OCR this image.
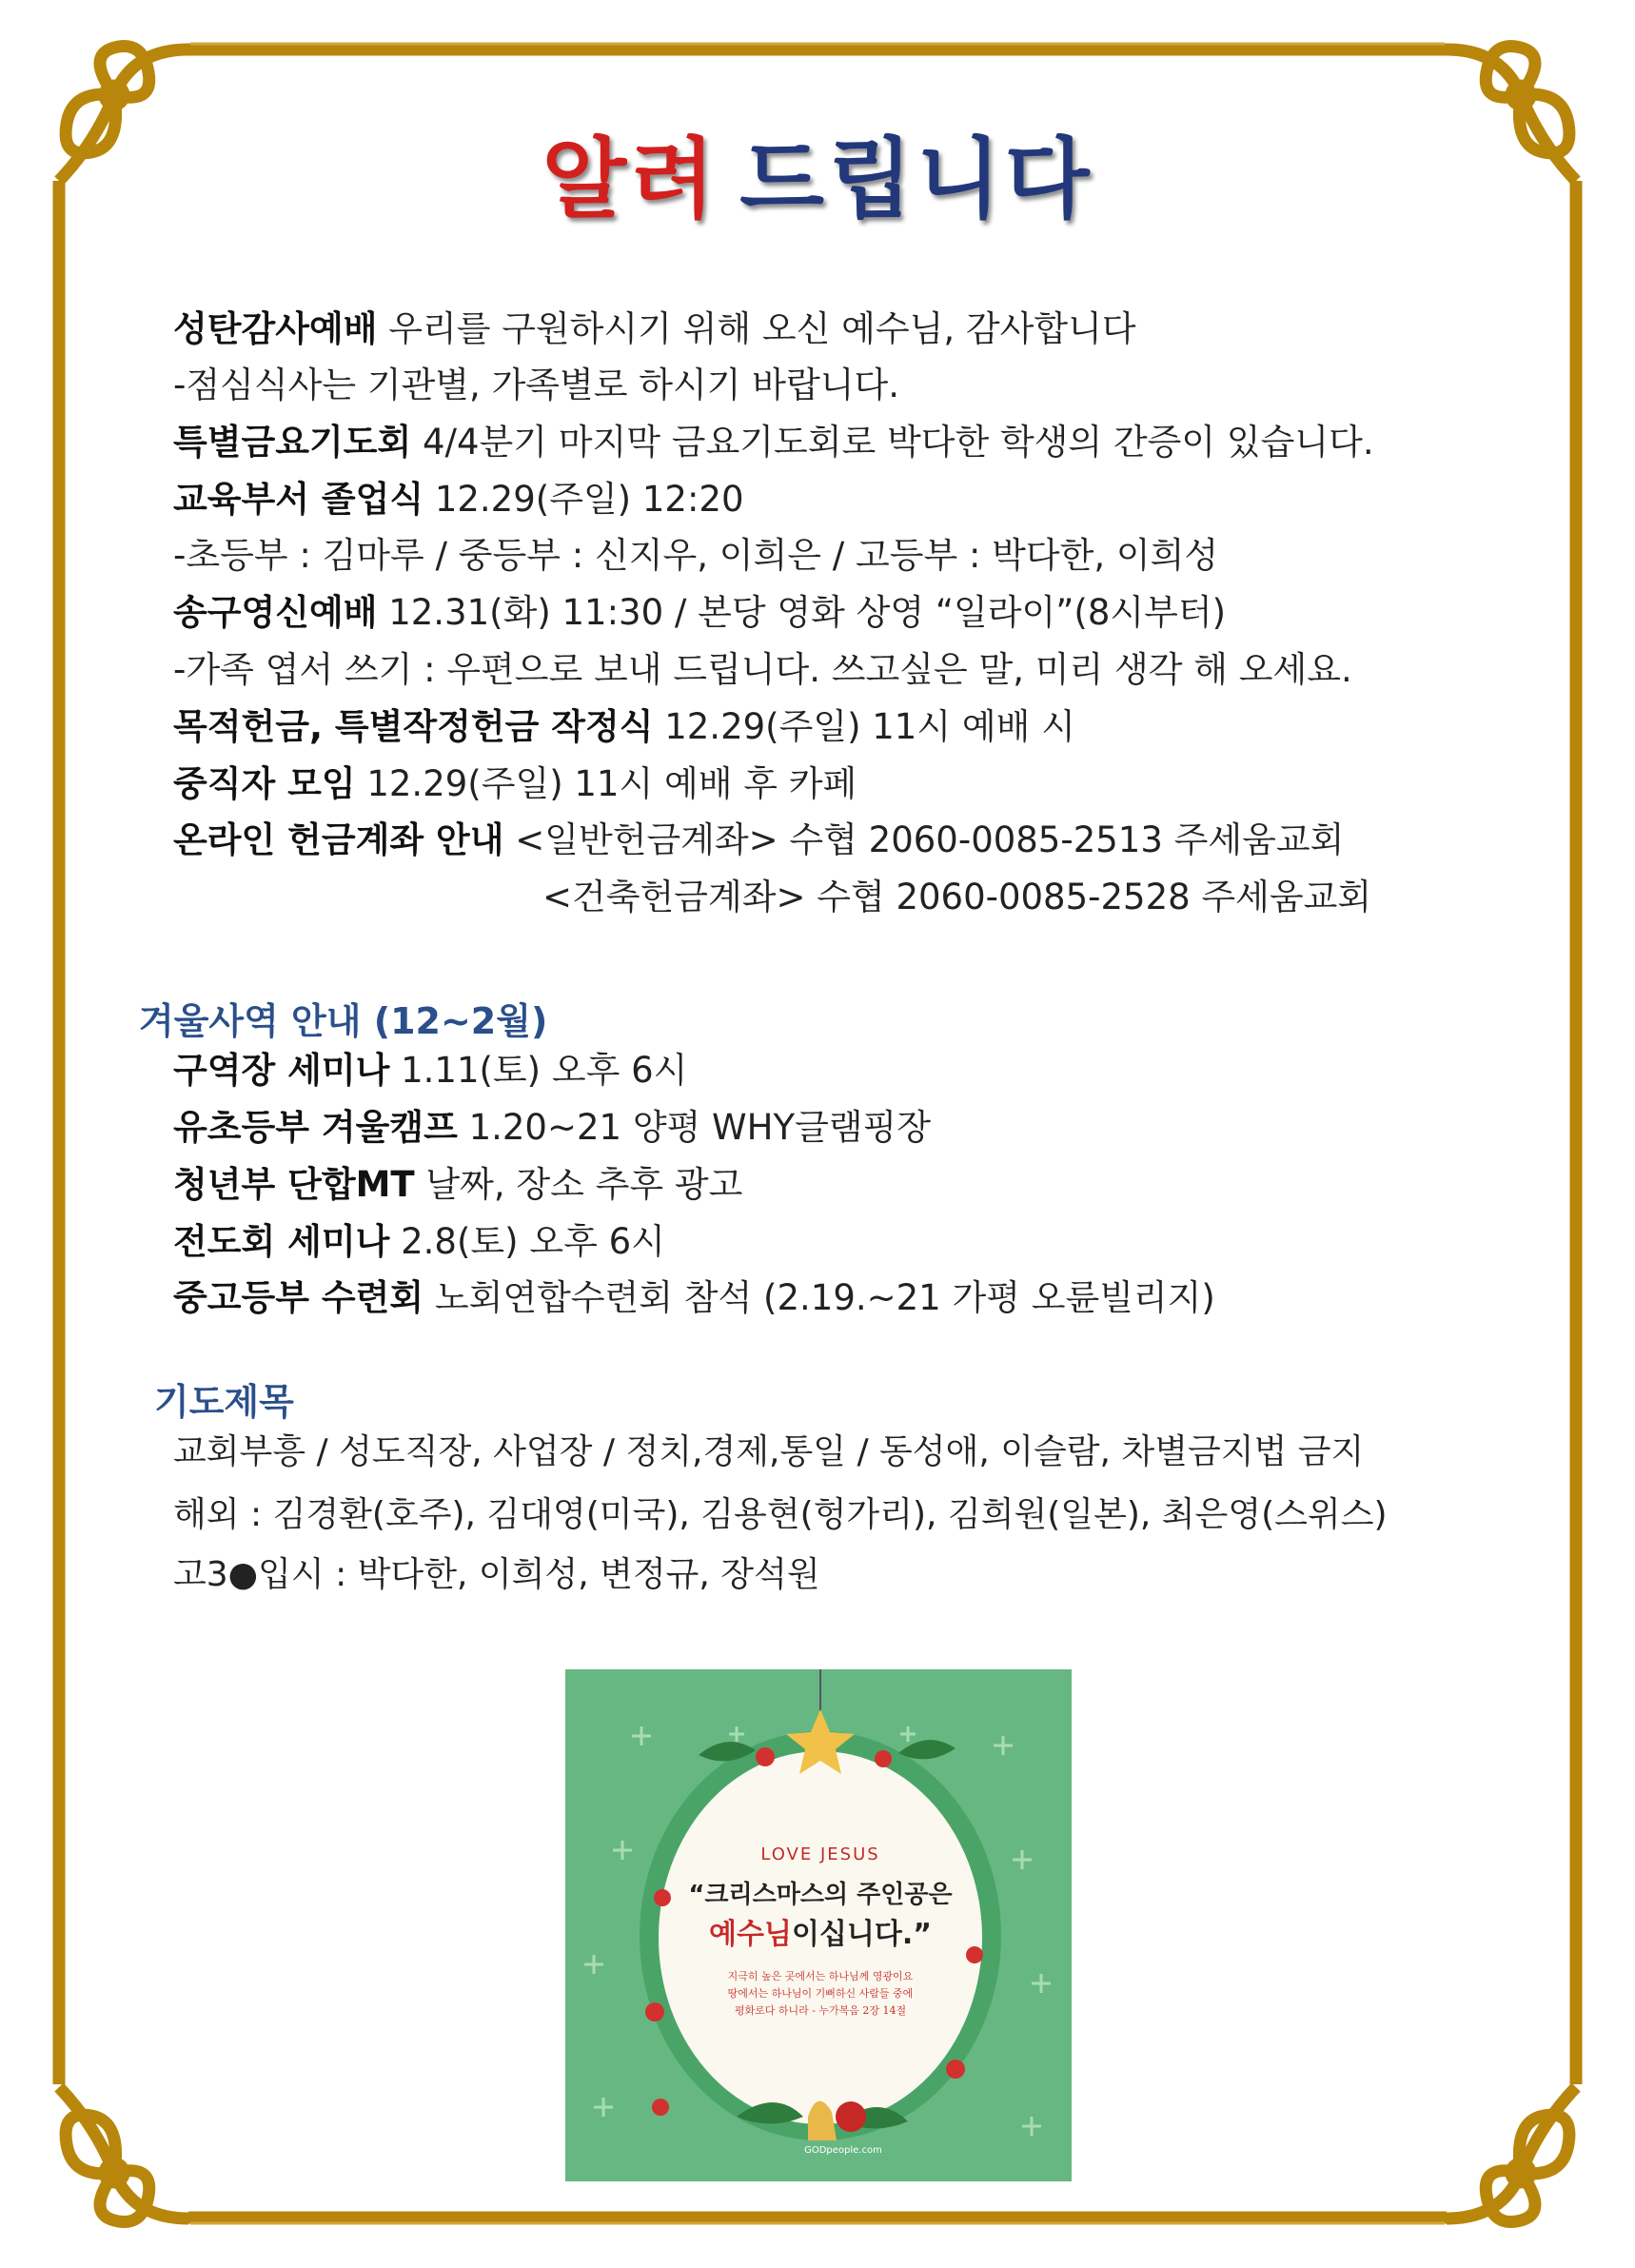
알려 드립니다
성탄감사예배 우리를 구원하시기 위해 오신 예수님, 감사합니다
-점심식사는 기관별, 가족별로 하시기 바랍니다.
특별금요기도회 4/4분기 마지막 금요기도회로 박다한 학생의 간증이 있습니다.
교육부서 졸업식 12.29(주일) 12:20
-초등부 : 김마루 / 중등부 : 신지우, 이희은 / 고등부 : 박다한, 이희성
송구영신예배 12.31(화) 11:30 / 본당 영화 상영 “일라이”(8시부터)
-가족 엽서 쓰기 : 우편으로 보내 드립니다. 쓰고싶은 말, 미리 생각 해 오세요.
목적헌금, 특별작정헌금 작정식 12.29(주일) 11시 예배 시
중직자 모임 12.29(주일) 11시 예배 후 카페
온라인 헌금계좌 안내 <일반헌금계좌> 수협 2060-0085-2513 주세움교회
<건축헌금계좌> 수협 2060-0085-2528 주세움교회
겨울사역 안내 (12~2월)
구역장 세미나 1.11(토) 오후 6시
유초등부 겨울캠프 1.20~21 양평 WHY글램핑장
청년부 단합MT 날짜, 장소 추후 광고
전도회 세미나 2.8(토) 오후 6시
중고등부 수련회 노회연합수련회 참석 (2.19.~21 가평 오륜빌리지)
기도제목
교회부흥 / 성도직장, 사업장 / 정치,경제,통일 / 동성애, 이슬람, 차별금지법 금지
해외 : 김경환(호주), 김대영(미국), 김용현(헝가리), 김희원(일본), 최은영(스위스)
고3●입시 : 박다한, 이희성, 변정규, 장석원
LOVE JESUS
“크리스마스의 주인공은
예수님이십니다.”
지극히 높은 곳에서는 하나님께 영광이요
땅에서는 하나님이 기뻐하신 사람들 중에
평화로다 하니라 - 누가복음 2장 14절
GODpeople.com
